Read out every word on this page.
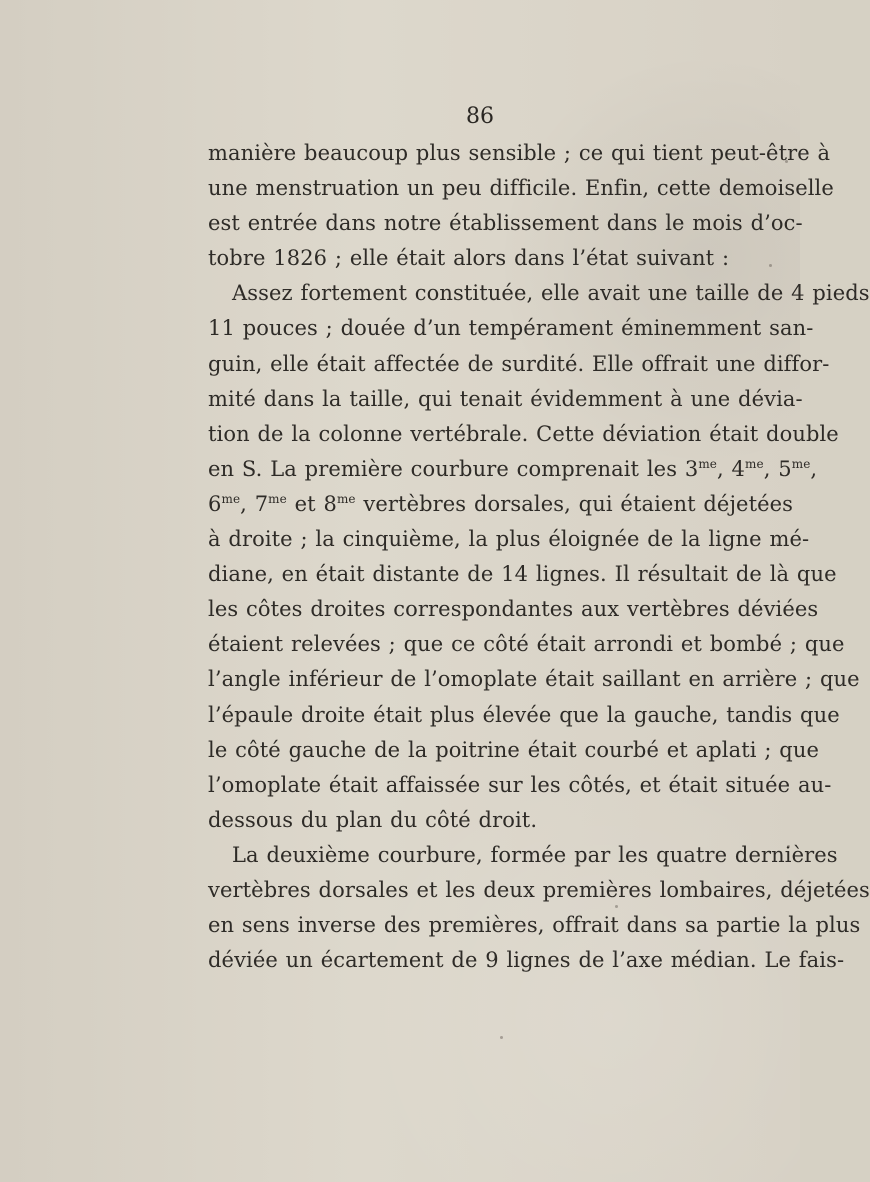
86
manière beaucoup plus sensible ; ce qui tient peut-être à
une menstruation un peu difficile. Enfin, cette demoiselle
est entrée dans notre établissement dans le mois d’oc-
tobre 1826 ; elle était alors dans l’état suivant :
Assez fortement constituée, elle avait une taille de 4 pieds
11 pouces ; douée d’un tempérament éminemment san-
guin, elle était affectée de surdité. Elle offrait une diffor-
mité dans la taille, qui tenait évidemment à une dévia-
tion de la colonne vertébrale. Cette déviation était double
en S. La première courbure comprenait les $3^{me}$, $4^{me}$, $5^{me}$,
$6^{me}$, $7^{me}$ et $8^{me}$ vertèbres dorsales, qui étaient déjetées
à droite ; la cinquième, la plus éloignée de la ligne mé-
diane, en était distante de 14 lignes. Il résultait de là que
les côtes droites correspondantes aux vertèbres déviées
étaient relevées ; que ce côté était arrondi et bombé ; que
l’angle inférieur de l’omoplate était saillant en arrière ; que
l’épaule droite était plus élevée que la gauche, tandis que
le côté gauche de la poitrine était courbé et aplati ; que
l’omoplate était affaissée sur les côtés, et était située au-
dessous du plan du côté droit.
La deuxième courbure, formée par les quatre dernières
vertèbres dorsales et les deux premières lombaires, déjetées
en sens inverse des premières, offrait dans sa partie la plus
déviée un écartement de 9 lignes de l’axe médian. Le fais-
